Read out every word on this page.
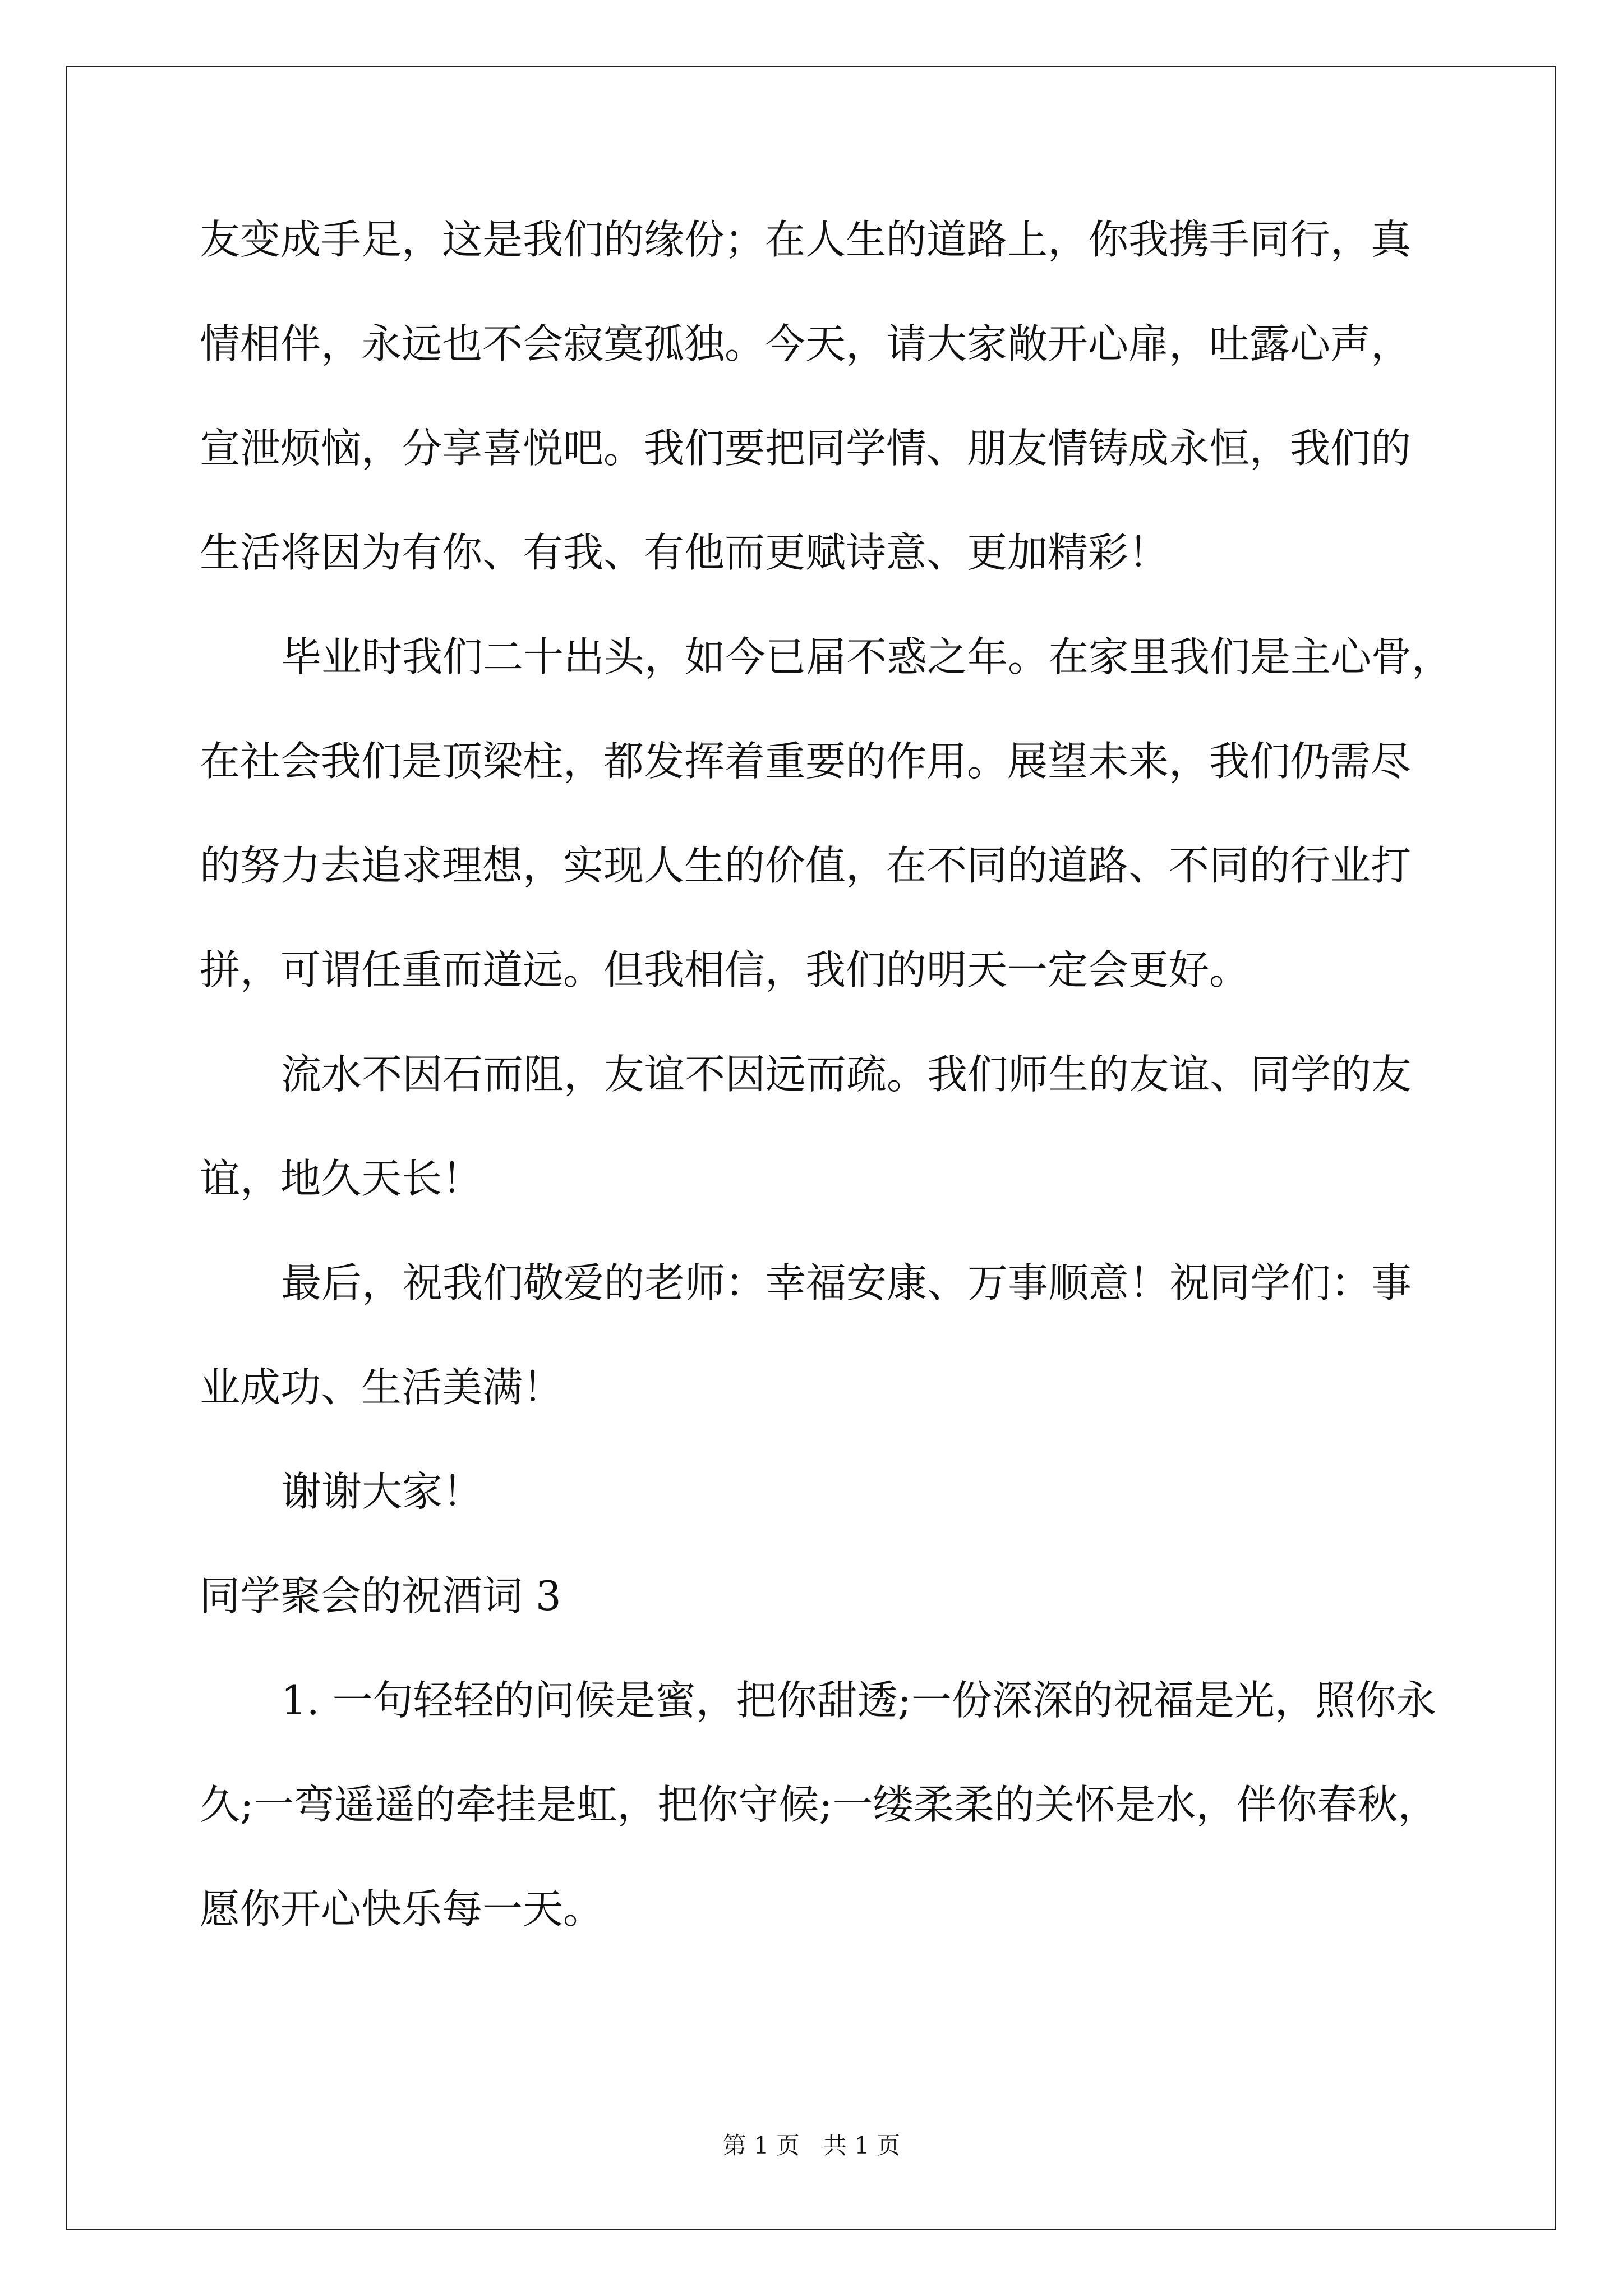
友变成手足，这是我们的缘份；在人生的道路上，你我携手同行，真
情相伴，永远也不会寂寞孤独。今天，请大家敞开心扉，吐露心声，
宣泄烦恼，分享喜悦吧。我们要把同学情、朋友情铸成永恒，我们的
生活将因为有你、有我、有他而更赋诗意、更加精彩！
毕业时我们二十出头，如今已届不惑之年。在家里我们是主心骨，
在社会我们是顶梁柱，都发挥着重要的作用。展望未来，我们仍需尽
的努力去追求理想，实现人生的价值，在不同的道路、不同的行业打
拼，可谓任重而道远。但我相信，我们的明天一定会更好。
流水不因石而阻，友谊不因远而疏。我们师生的友谊、同学的友
谊，地久天长！
最后，祝我们敬爱的老师：幸福安康、万事顺意！祝同学们：事
业成功、生活美满！
谢谢大家！
同学聚会的祝酒词 3
1. 一句轻轻的问候是蜜，把你甜透;一份深深的祝福是光，照你永
久;一弯遥遥的牵挂是虹，把你守候;一缕柔柔的关怀是水，伴你春秋，
愿你开心快乐每一天。
第 1 页　共 1 页
